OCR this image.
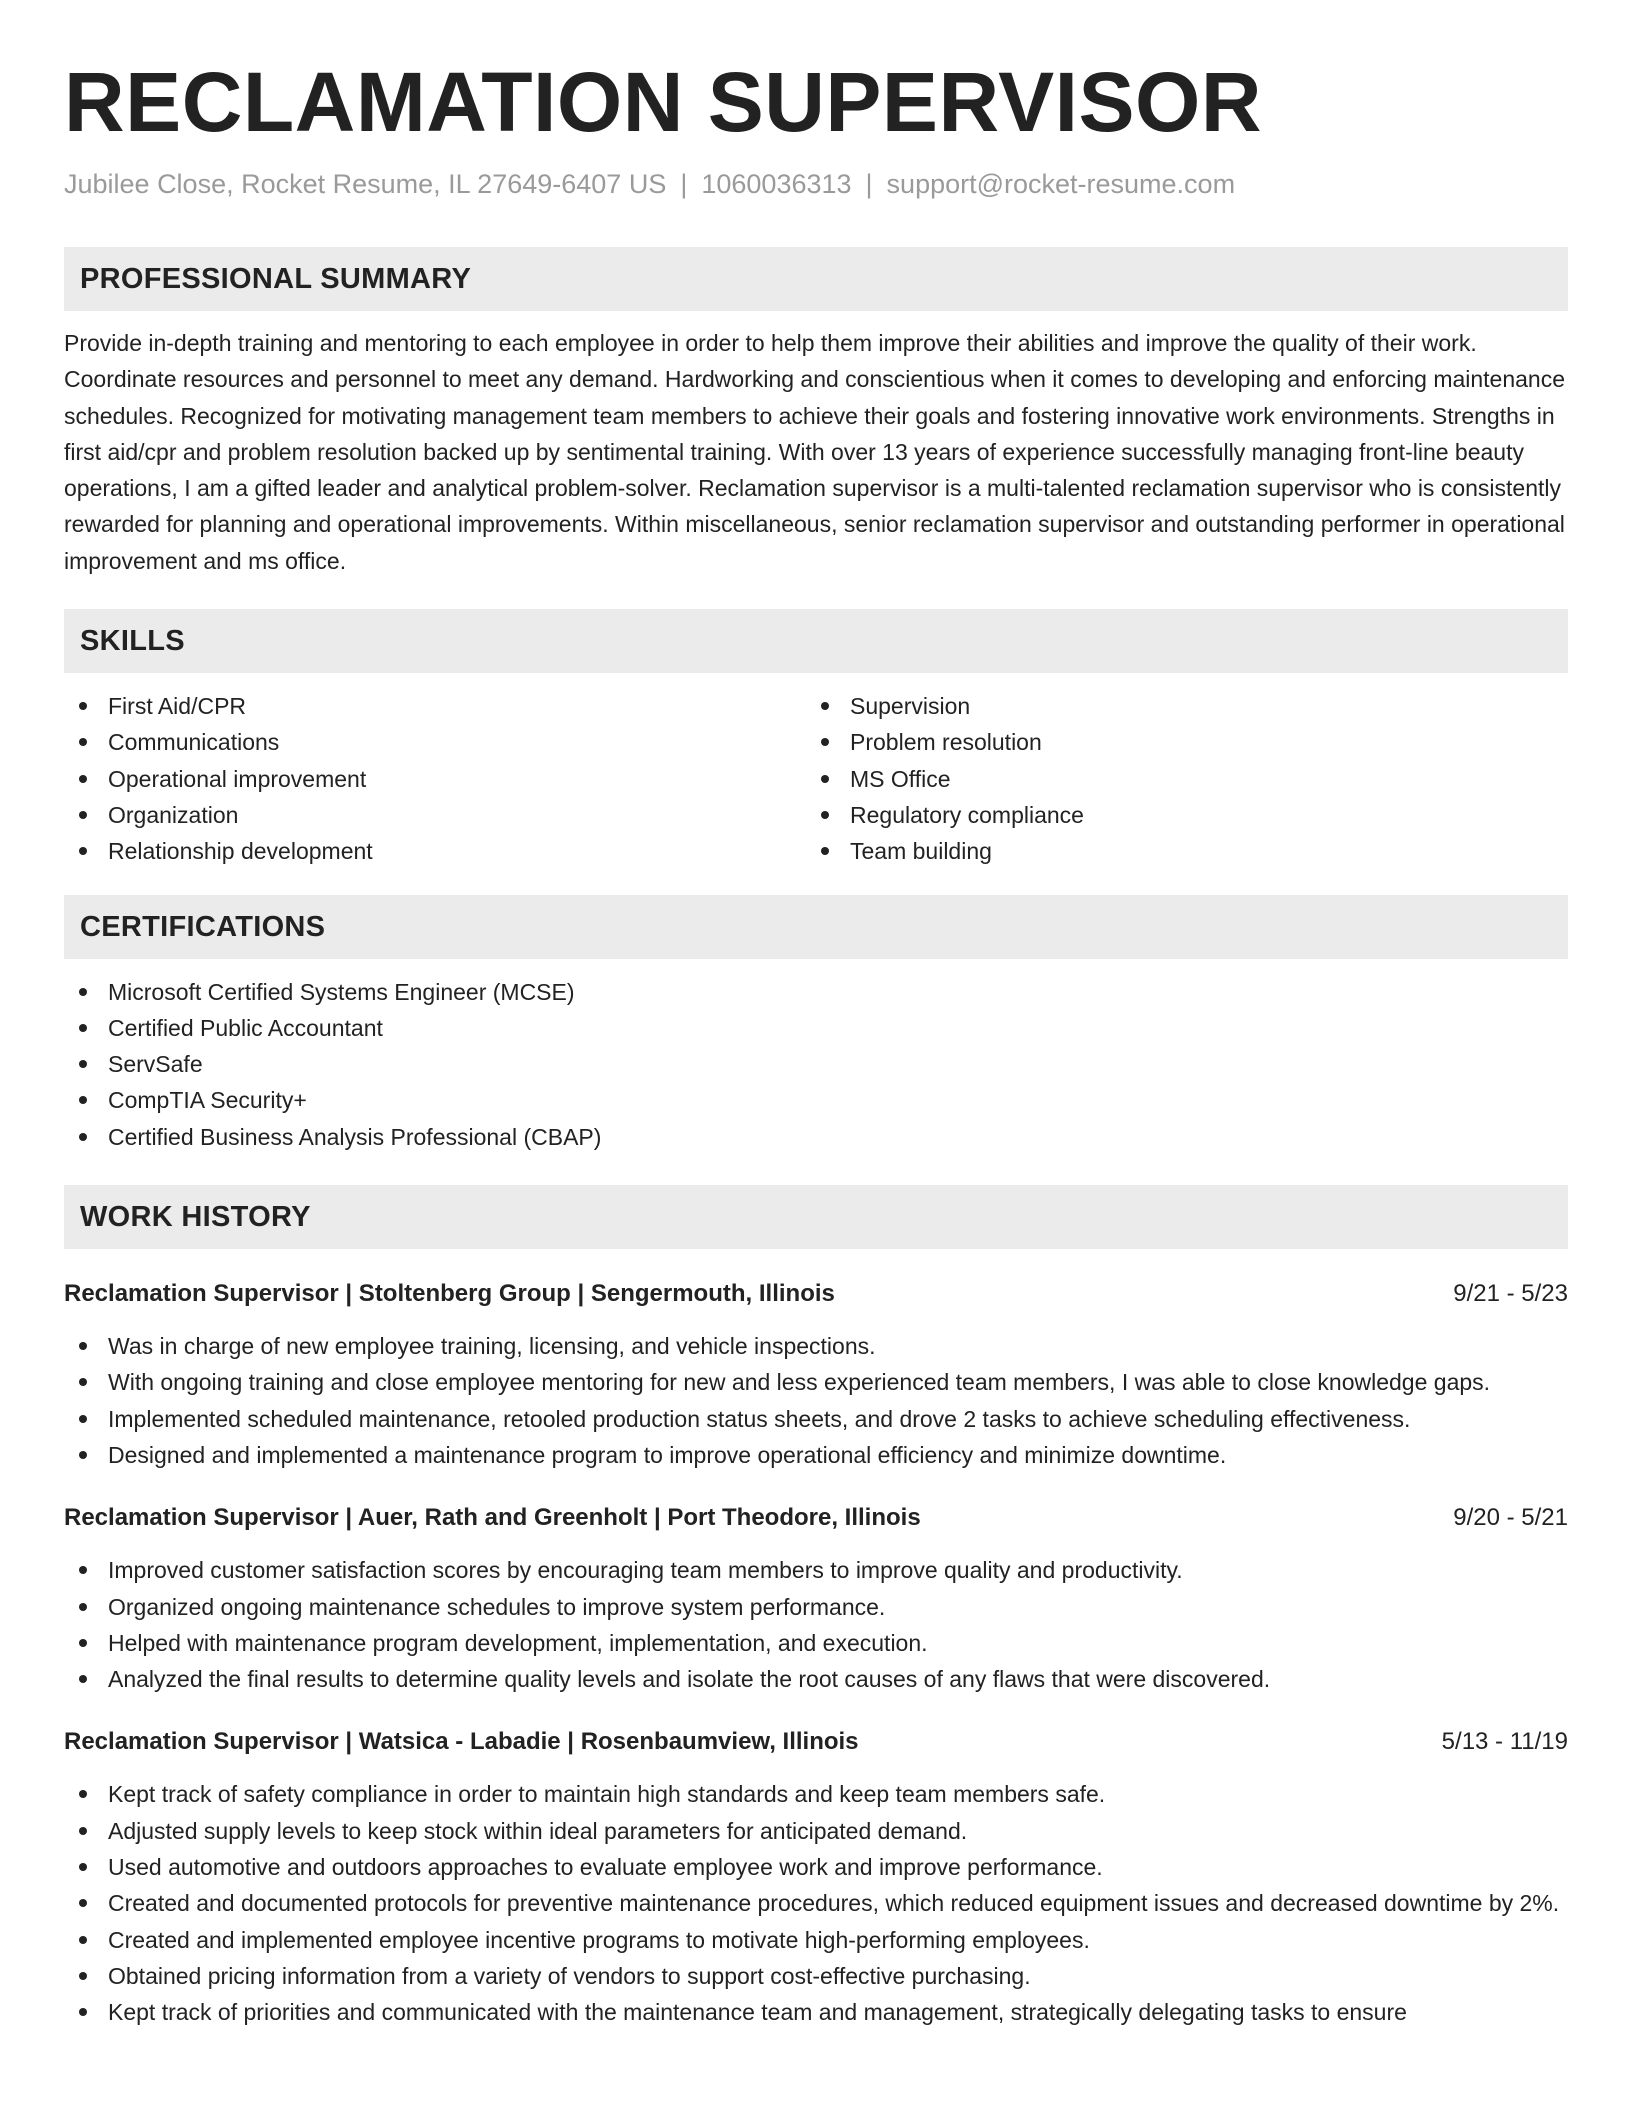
RECLAMATION SUPERVISOR
Jubilee Close, Rocket Resume, IL 27649-6407 US | 1060036313 | support@rocket-resume.com
PROFESSIONAL SUMMARY
Provide in-depth training and mentoring to each employee in order to help them improve their abilities and improve the quality of their work. Coordinate resources and personnel to meet any demand. Hardworking and conscientious when it comes to developing and enforcing maintenance schedules. Recognized for motivating management team members to achieve their goals and fostering innovative work environments. Strengths in first aid/cpr and problem resolution backed up by sentimental training. With over 13 years of experience successfully managing front-line beauty operations, I am a gifted leader and analytical problem-solver. Reclamation supervisor is a multi-talented reclamation supervisor who is consistently rewarded for planning and operational improvements. Within miscellaneous, senior reclamation supervisor and outstanding performer in operational improvement and ms office.
SKILLS
First Aid/CPR
Communications
Operational improvement
Organization
Relationship development
Supervision
Problem resolution
MS Office
Regulatory compliance
Team building
CERTIFICATIONS
Microsoft Certified Systems Engineer (MCSE)
Certified Public Accountant
ServSafe
CompTIA Security+
Certified Business Analysis Professional (CBAP)
WORK HISTORY
Reclamation Supervisor | Stoltenberg Group | Sengermouth, Illinois	9/21 - 5/23
Was in charge of new employee training, licensing, and vehicle inspections.
With ongoing training and close employee mentoring for new and less experienced team members, I was able to close knowledge gaps.
Implemented scheduled maintenance, retooled production status sheets, and drove 2 tasks to achieve scheduling effectiveness.
Designed and implemented a maintenance program to improve operational efficiency and minimize downtime.
Reclamation Supervisor | Auer, Rath and Greenholt | Port Theodore, Illinois	9/20 - 5/21
Improved customer satisfaction scores by encouraging team members to improve quality and productivity.
Organized ongoing maintenance schedules to improve system performance.
Helped with maintenance program development, implementation, and execution.
Analyzed the final results to determine quality levels and isolate the root causes of any flaws that were discovered.
Reclamation Supervisor | Watsica - Labadie | Rosenbaumview, Illinois	5/13 - 11/19
Kept track of safety compliance in order to maintain high standards and keep team members safe.
Adjusted supply levels to keep stock within ideal parameters for anticipated demand.
Used automotive and outdoors approaches to evaluate employee work and improve performance.
Created and documented protocols for preventive maintenance procedures, which reduced equipment issues and decreased downtime by 2%.
Created and implemented employee incentive programs to motivate high-performing employees.
Obtained pricing information from a variety of vendors to support cost-effective purchasing.
Kept track of priorities and communicated with the maintenance team and management, strategically delegating tasks to ensure
